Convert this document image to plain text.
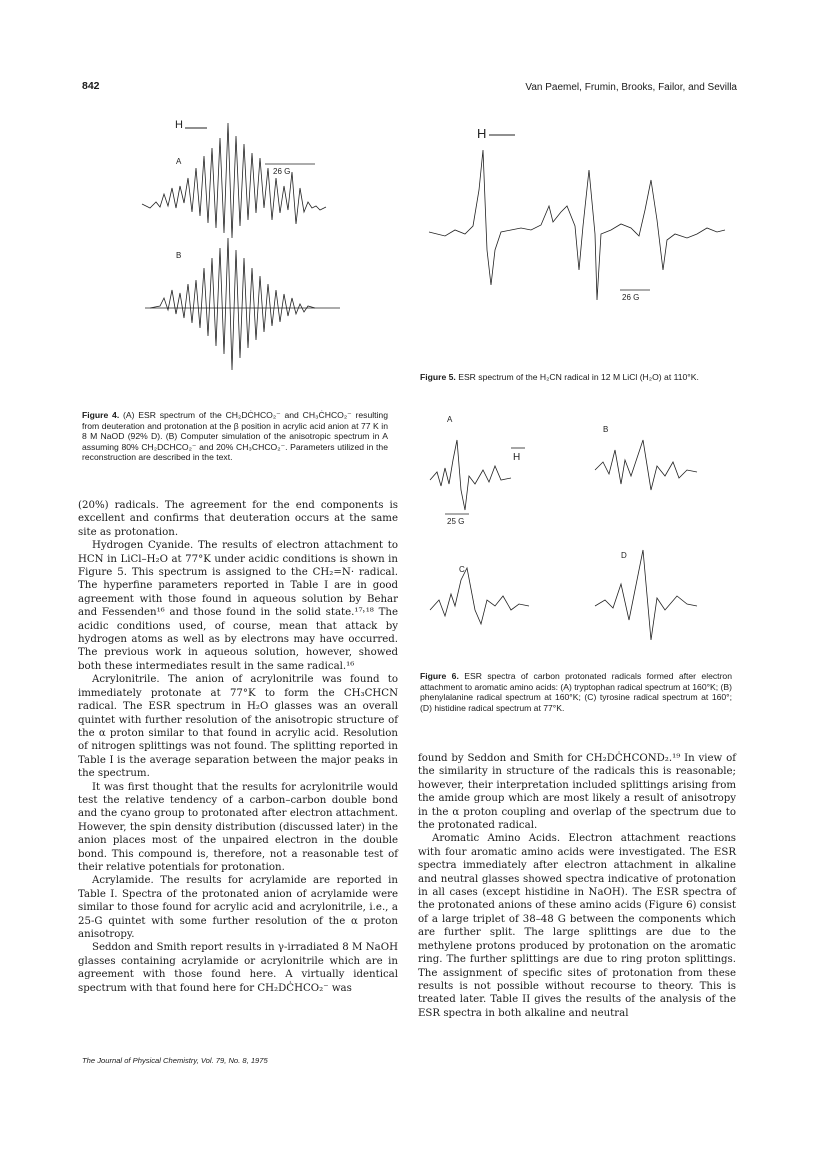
842	Van Paemel, Frumin, Brooks, Failor, and Sevilla
H
A
26 G
B
Figure 4. (A) ESR spectrum of the CH₂DĊHCO₂⁻ and CH₃ĊHCO₂⁻ resulting from deuteration and protonation at the β position in acrylic acid anion at 77 K in 8 M NaOD (92% D). (B) Computer simulation of the anisotropic spectrum in A assuming 80% CH₂DCHCO₂⁻ and 20% CH₃CHCO₂⁻. Parameters utilized in the reconstruction are described in the text.
H
26 G
Figure 5. ESR spectrum of the H₂CN radical in 12 M LiCl (H₂O) at 110°K.
A
H
25 G
B
C
D
Figure 6. ESR spectra of carbon protonated radicals formed after electron attachment to aromatic amino acids: (A) tryptophan radical spectrum at 160°K; (B) phenylalanine radical spectrum at 160°K; (C) tyrosine radical spectrum at 160°; (D) histidine radical spectrum at 77°K.

(20%) radicals. The agreement for the end components is excellent and confirms that deuteration occurs at the same site as protonation.

Hydrogen Cyanide. The results of electron attachment to HCN in LiCl–H₂O at 77°K under acidic conditions is shown in Figure 5. This spectrum is assigned to the CH₂=N· radical. The hyperfine parameters reported in Table I are in good agreement with those found in aqueous solution by Behar and Fessenden¹⁶ and those found in the solid state.¹⁷˒¹⁸ The acidic conditions used, of course, mean that attack by hydrogen atoms as well as by electrons may have occurred. The previous work in aqueous solution, however, showed both these intermediates result in the same radical.¹⁶

Acrylonitrile. The anion of acrylonitrile was found to immediately protonate at 77°K to form the CH₃CHCN radical. The ESR spectrum in H₂O glasses was an overall quintet with further resolution of the anisotropic structure of the α proton similar to that found in acrylic acid. Resolution of nitrogen splittings was not found. The splitting reported in Table I is the average separation between the major peaks in the spectrum.

It was first thought that the results for acrylonitrile would test the relative tendency of a carbon–carbon double bond and the cyano group to protonated after electron attachment. However, the spin density distribution (discussed later) in the anion places most of the unpaired electron in the double bond. This compound is, therefore, not a reasonable test of their relative potentials for protonation.

Acrylamide. The results for acrylamide are reported in Table I. Spectra of the protonated anion of acrylamide were similar to those found for acrylic acid and acrylonitrile, i.e., a 25-G quintet with some further resolution of the α proton anisotropy.

Seddon and Smith report results in γ-irradiated 8 M NaOH glasses containing acrylamide or acrylonitrile which are in agreement with those found here. A virtually identical spectrum with that found here for CH₂DĊHCO₂⁻ was

found by Seddon and Smith for CH₂DĊHCOND₂.¹⁹ In view of the similarity in structure of the radicals this is reasonable; however, their interpretation included splittings arising from the amide group which are most likely a result of anisotropy in the α proton coupling and overlap of the spectrum due to the protonated radical.

Aromatic Amino Acids. Electron attachment reactions with four aromatic amino acids were investigated. The ESR spectra immediately after electron attachment in alkaline and neutral glasses showed spectra indicative of protonation in all cases (except histidine in NaOH). The ESR spectra of the protonated anions of these amino acids (Figure 6) consist of a large triplet of 38–48 G between the components which are further split. The large splittings are due to the methylene protons produced by protonation on the aromatic ring. The further splittings are due to ring proton splittings. The assignment of specific sites of protonation from these results is not possible without recourse to theory. This is treated later. Table II gives the results of the analysis of the ESR spectra in both alkaline and neutral

The Journal of Physical Chemistry, Vol. 79, No. 8, 1975
